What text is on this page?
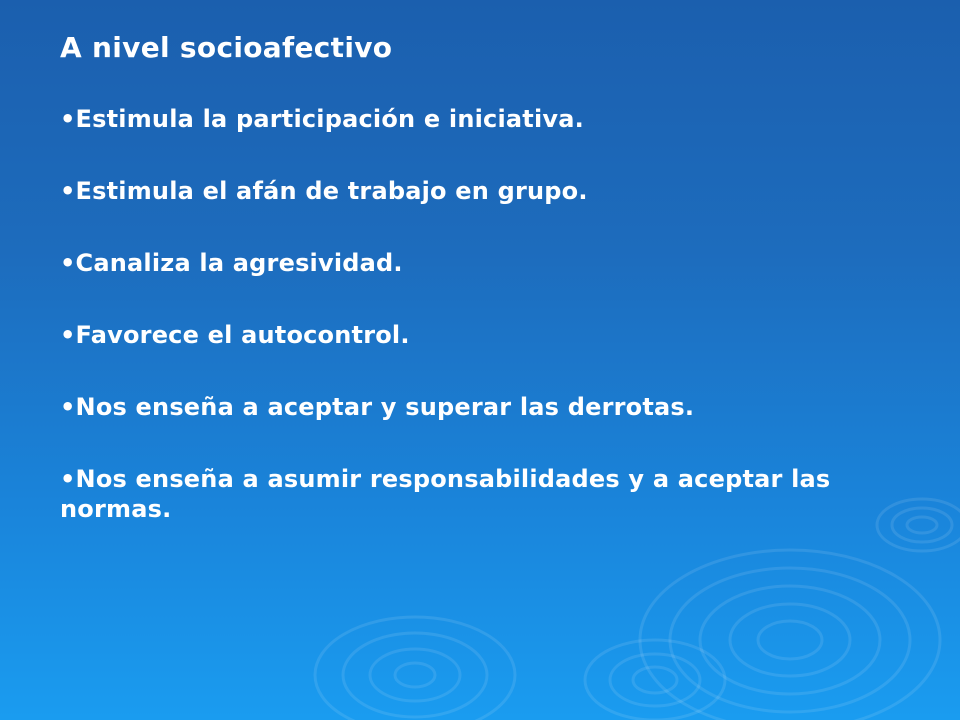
A nivel socioafectivo
•Estimula la participación e iniciativa.
•Estimula el afán de trabajo en grupo.
•Canaliza la agresividad.
•Favorece el autocontrol.
•Nos enseña a aceptar y superar las derrotas.
•Nos enseña a asumir responsabilidades y a aceptar las normas.
